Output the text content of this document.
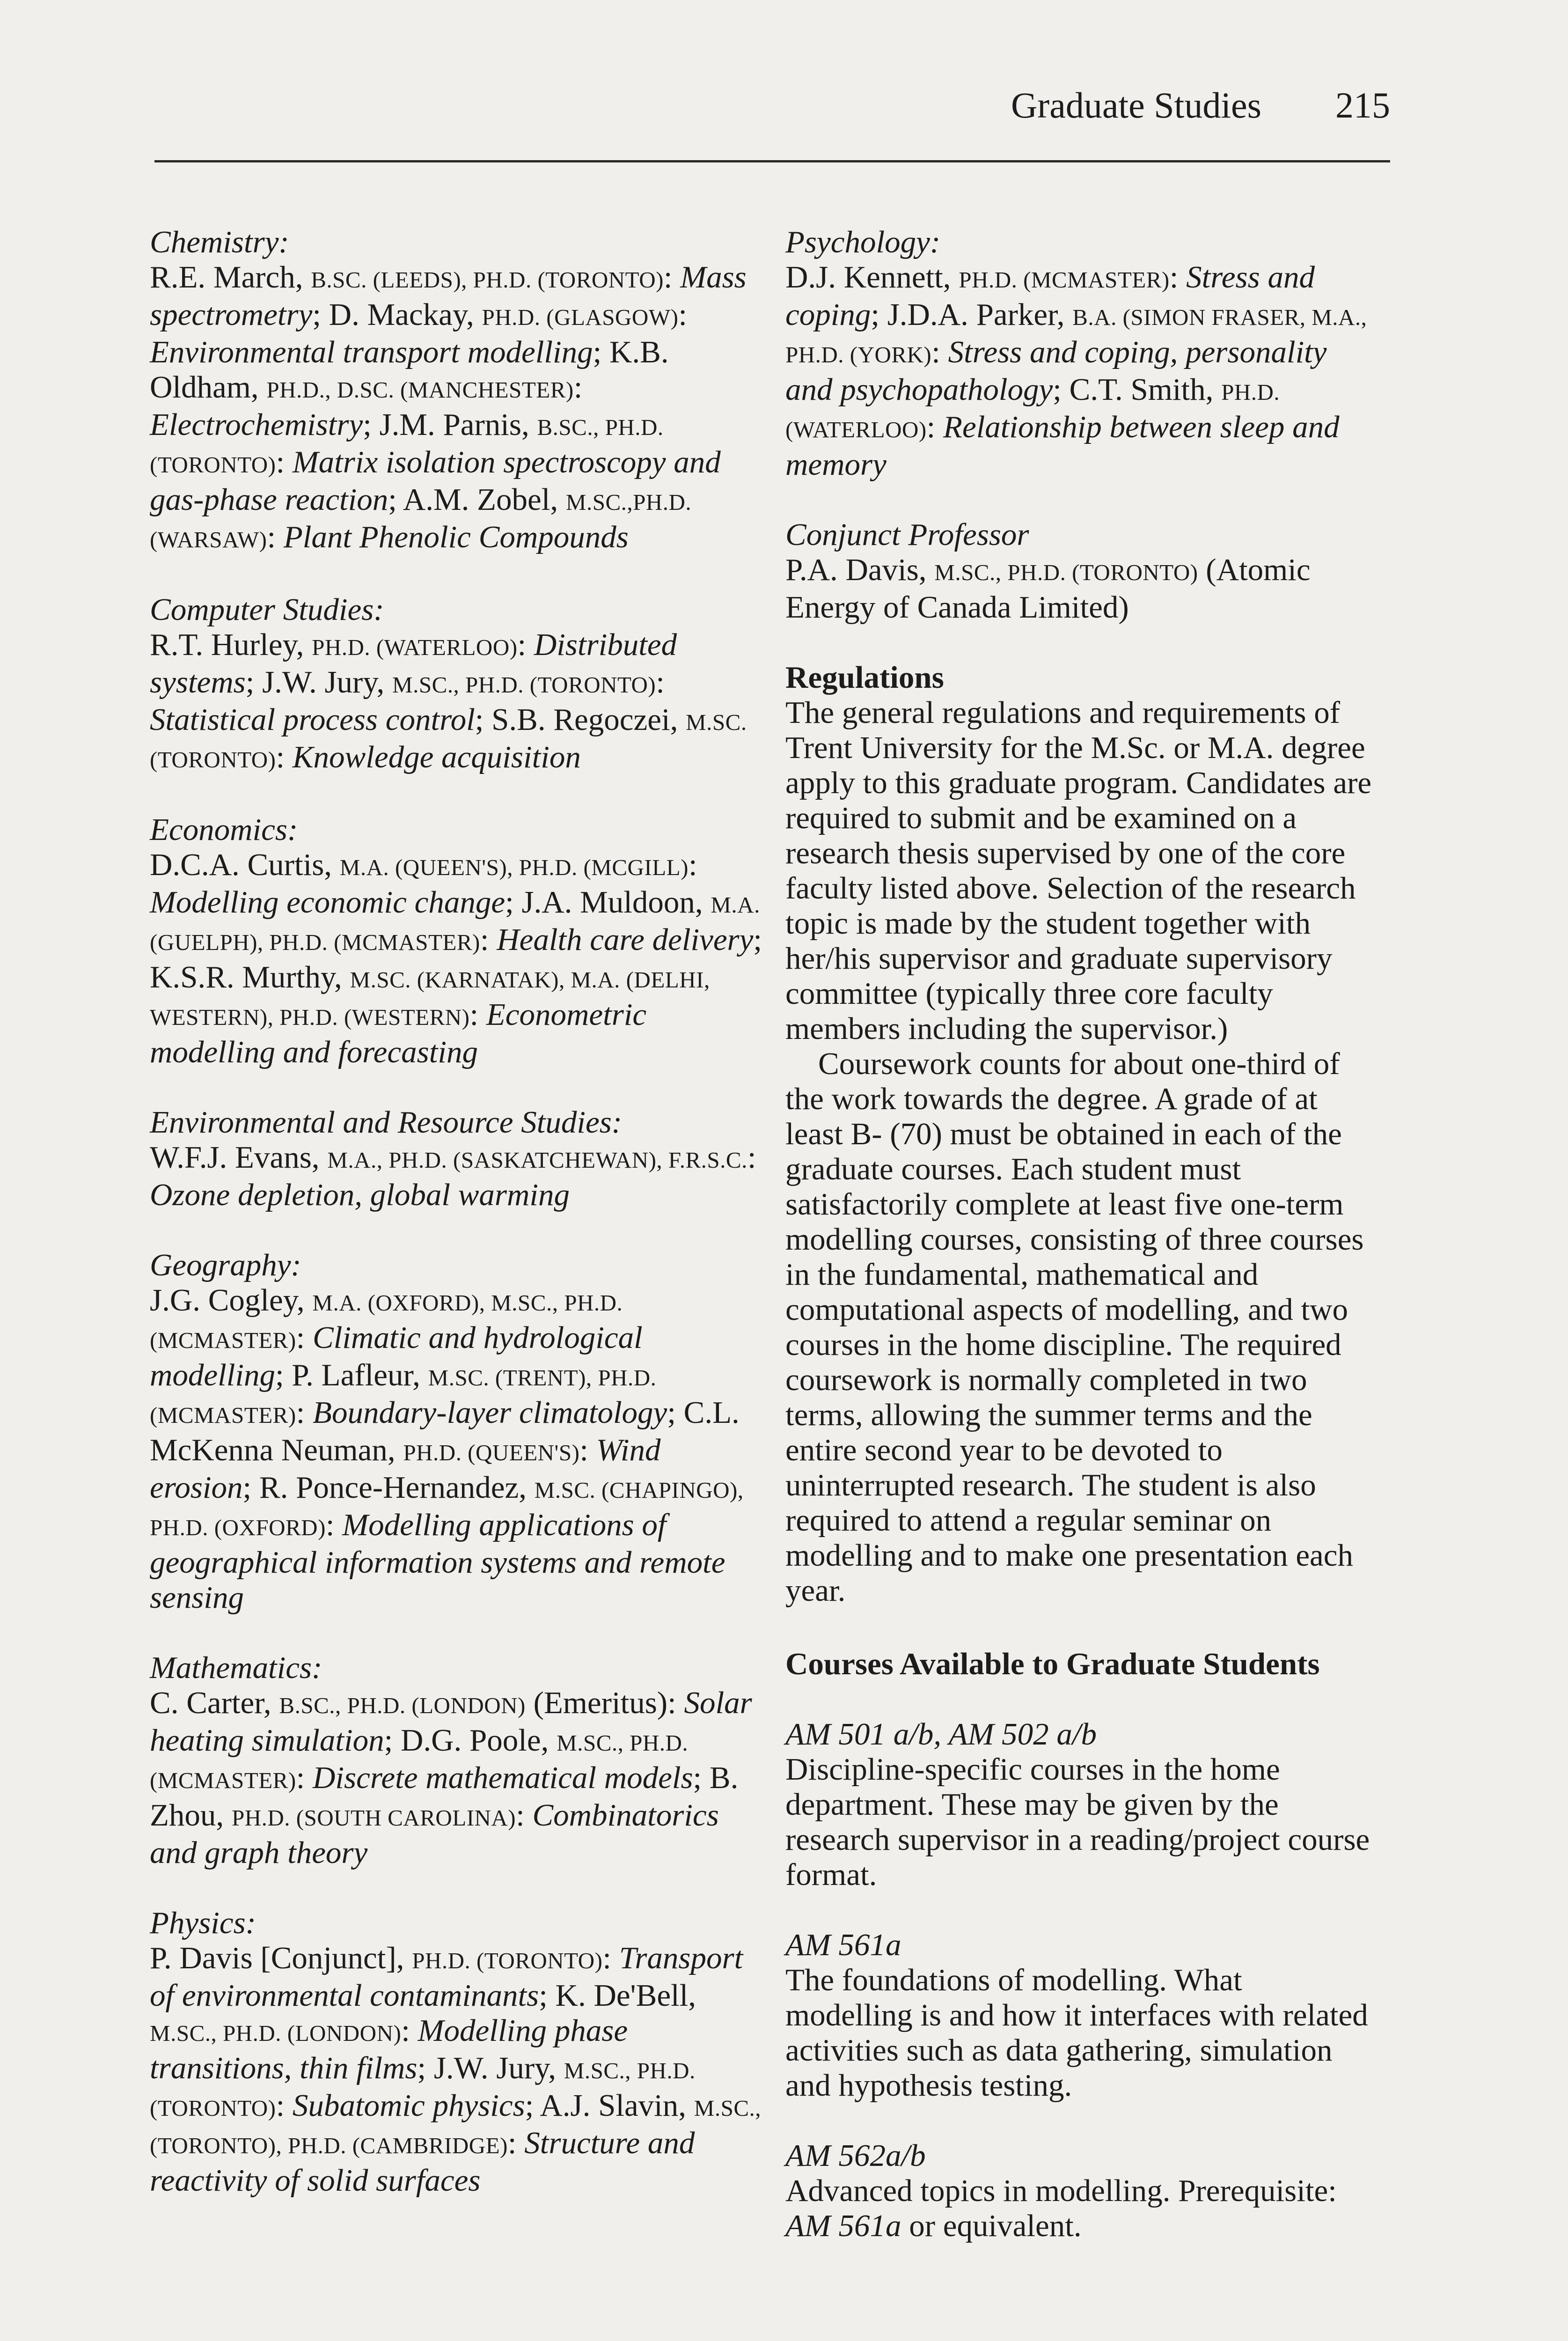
Graduate Studies 215
Chemistry:
R.E. March, B.SC. (LEEDS), PH.D. (TORONTO): Mass spectrometry; D. Mackay, PH.D. (GLASGOW): Environmental transport modelling; K.B. Oldham, PH.D., D.SC. (MANCHESTER): Electrochemistry; J.M. Parnis, B.SC., PH.D. (TORONTO): Matrix isolation spectroscopy and gas-phase reaction; A.M. Zobel, M.SC.,PH.D. (WARSAW): Plant Phenolic Compounds
Computer Studies:
R.T. Hurley, PH.D. (WATERLOO): Distributed systems; J.W. Jury, M.SC., PH.D. (TORONTO): Statistical process control; S.B. Regoczei, M.SC. (TORONTO): Knowledge acquisition
Economics:
D.C.A. Curtis, M.A. (QUEEN'S), PH.D. (MCGILL): Modelling economic change; J.A. Muldoon, M.A. (GUELPH), PH.D. (MCMASTER): Health care delivery; K.S.R. Murthy, M.SC. (KARNATAK), M.A. (DELHI, WESTERN), PH.D. (WESTERN): Econometric modelling and forecasting
Environmental and Resource Studies:
W.F.J. Evans, M.A., PH.D. (SASKATCHEWAN), F.R.S.C.: Ozone depletion, global warming
Geography:
J.G. Cogley, M.A. (OXFORD), M.SC., PH.D. (MCMASTER): Climatic and hydrological modelling; P. Lafleur, M.SC. (TRENT), PH.D. (MCMASTER): Boundary-layer climatology; C.L. McKenna Neuman, PH.D. (QUEEN'S): Wind erosion; R. Ponce-Hernandez, M.SC. (CHAPINGO), PH.D. (OXFORD): Modelling applications of geographical information systems and remote sensing
Mathematics:
C. Carter, B.SC., PH.D. (LONDON) (Emeritus): Solar heating simulation; D.G. Poole, M.SC., PH.D. (MCMASTER): Discrete mathematical models; B. Zhou, PH.D. (SOUTH CAROLINA): Combinatorics and graph theory
Physics:
P. Davis [Conjunct], PH.D. (TORONTO): Transport of environmental contaminants; K. De'Bell, M.SC., PH.D. (LONDON): Modelling phase transitions, thin films; J.W. Jury, M.SC., PH.D. (TORONTO): Subatomic physics; A.J. Slavin, M.SC., (TORONTO), PH.D. (CAMBRIDGE): Structure and reactivity of solid surfaces
Psychology:
D.J. Kennett, PH.D. (MCMASTER): Stress and coping; J.D.A. Parker, B.A. (SIMON FRASER, M.A., PH.D. (YORK): Stress and coping, personality and psychopathology; C.T. Smith, PH.D. (WATERLOO): Relationship between sleep and memory
Conjunct Professor
P.A. Davis, M.SC., PH.D. (TORONTO) (Atomic Energy of Canada Limited)
Regulations
The general regulations and requirements of Trent University for the M.Sc. or M.A. degree apply to this graduate program. Candidates are required to submit and be examined on a research thesis supervised by one of the core faculty listed above. Selection of the research topic is made by the student together with her/his supervisor and graduate supervisory committee (typically three core faculty members including the supervisor.)
Coursework counts for about one-third of the work towards the degree. A grade of at least B- (70) must be obtained in each of the graduate courses. Each student must satisfactorily complete at least five one-term modelling courses, consisting of three courses in the fundamental, mathematical and computational aspects of modelling, and two courses in the home discipline. The required coursework is normally completed in two terms, allowing the summer terms and the entire second year to be devoted to uninterrupted research. The student is also required to attend a regular seminar on modelling and to make one presentation each year.
Courses Available to Graduate Students
AM 501 a/b, AM 502 a/b
Discipline-specific courses in the home department. These may be given by the research supervisor in a reading/project course format.
AM 561a
The foundations of modelling. What modelling is and how it interfaces with related activities such as data gathering, simulation and hypothesis testing.
AM 562a/b
Advanced topics in modelling. Prerequisite: AM 561a or equivalent.
